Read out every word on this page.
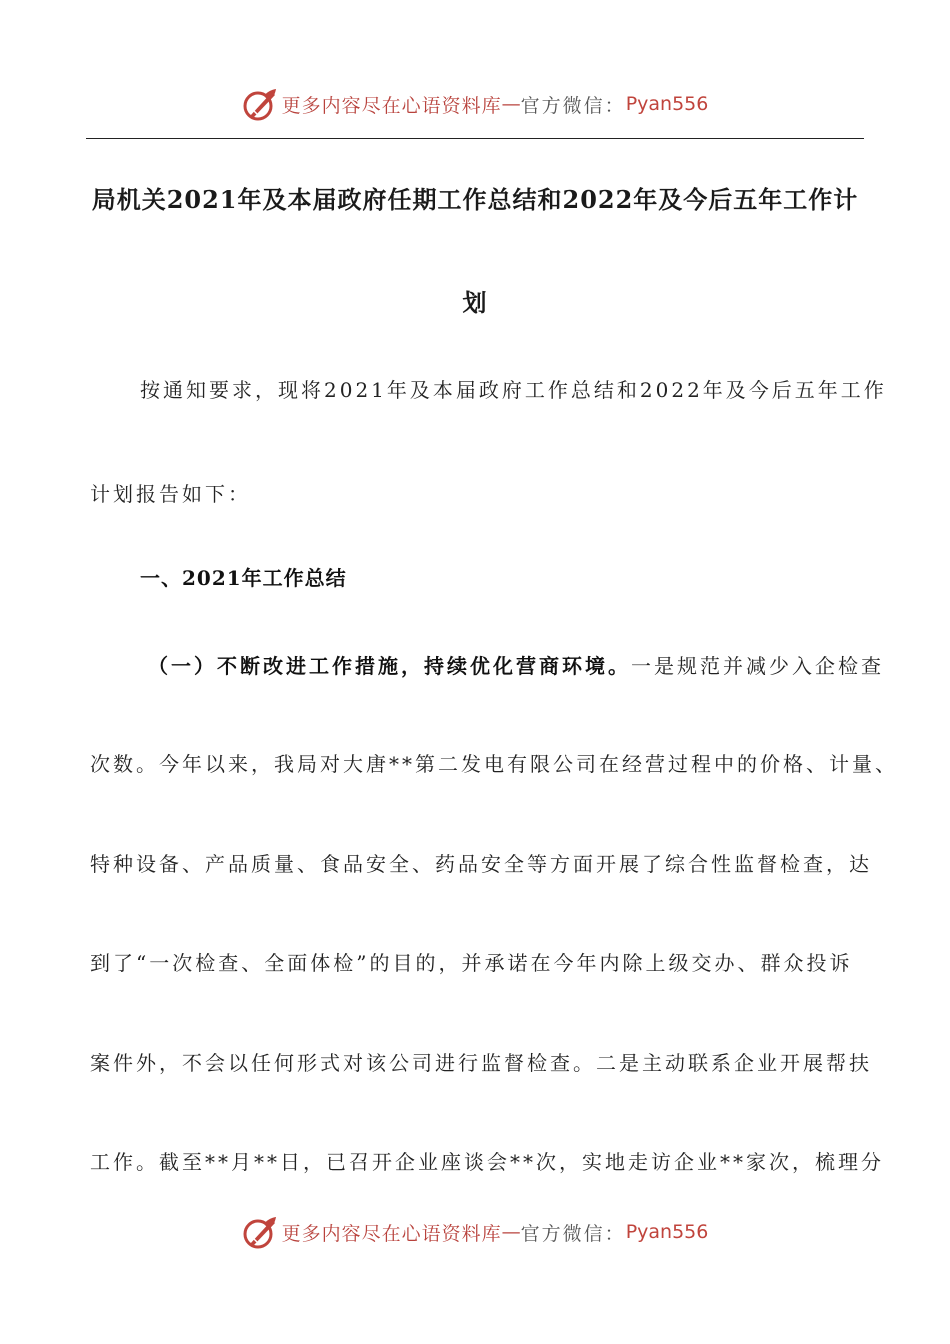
更多内容尽在心语资料库 — 官方微信： Pyan556
局机关2021年及本届政府任期工作总结和2022年及今后五年工作计
划
按通知要求，现将2021年及本届政府工作总结和2022年及今后五年工作
计划报告如下：
一、2021年工作总结
（一）不断改进工作措施，持续优化营商环境。一是规范并减少入企检查
次数。今年以来，我局对大唐**第二发电有限公司在经营过程中的价格、计量、
特种设备、产品质量、食品安全、药品安全等方面开展了综合性监督检查，达
到了“一次检查、全面体检”的目的，并承诺在今年内除上级交办、群众投诉
案件外，不会以任何形式对该公司进行监督检查。二是主动联系企业开展帮扶
工作。截至**月**日，已召开企业座谈会**次，实地走访企业**家次，梳理分
更多内容尽在心语资料库 — 官方微信： Pyan556
